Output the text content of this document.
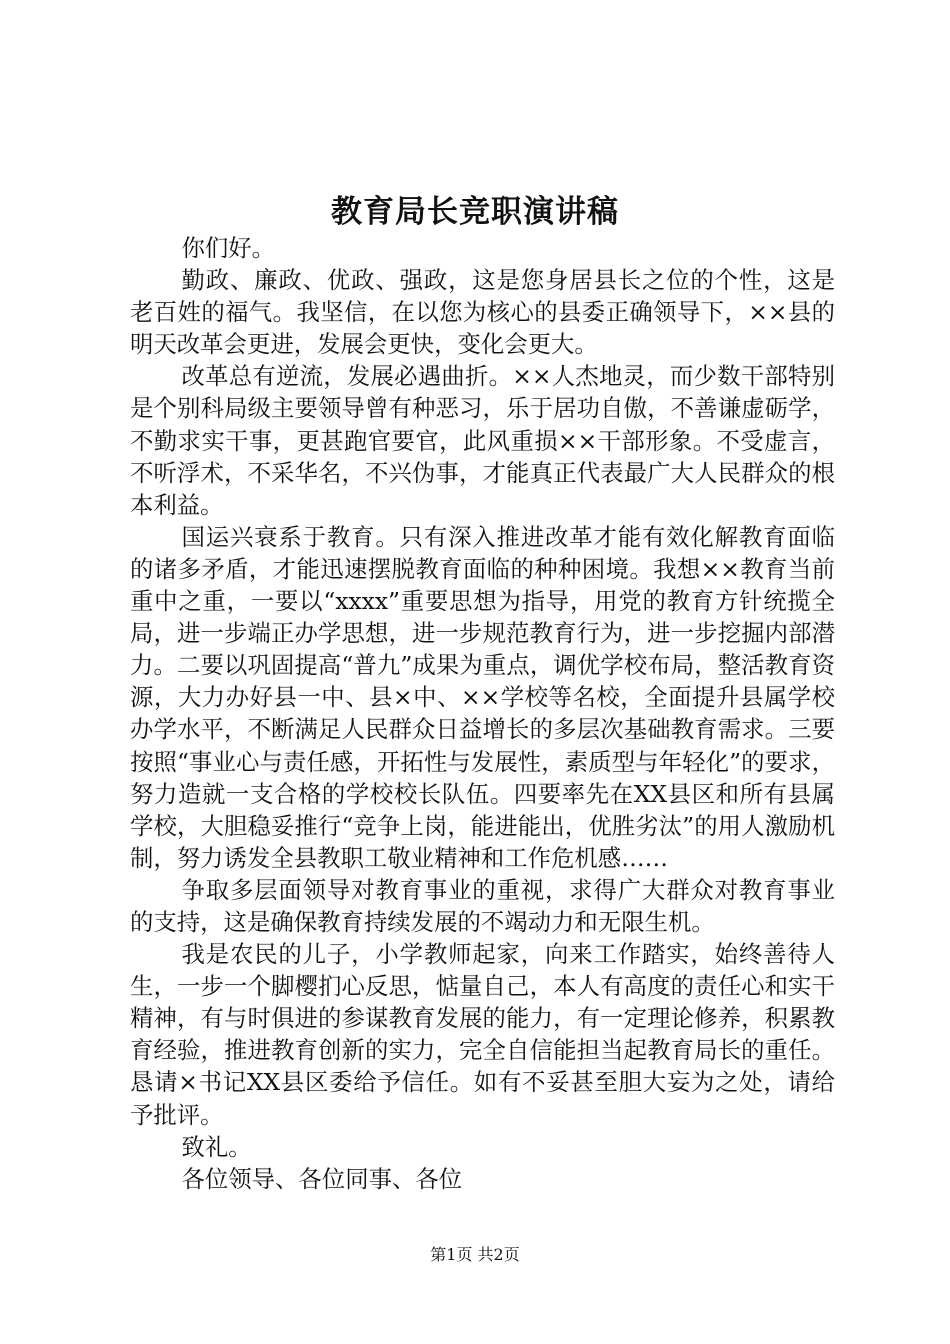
教育局长竞职演讲稿

你们好。

勤政、廉政、优政、强政，这是您身居县长之位的个性，这是老百姓的福气。我坚信，在以您为核心的县委正确领导下，××县的明天改革会更进，发展会更快，变化会更大。

改革总有逆流，发展必遇曲折。××人杰地灵，而少数干部特别是个别科局级主要领导曾有种恶习，乐于居功自傲，不善谦虚砺学，不勤求实干事，更甚跑官要官，此风重损××干部形象。不受虚言，不听浮术，不采华名，不兴伪事，才能真正代表最广大人民群众的根本利益。

国运兴衰系于教育。只有深入推进改革才能有效化解教育面临的诸多矛盾，才能迅速摆脱教育面临的种种困境。我想××教育当前重中之重，一要以“xxxx”重要思想为指导，用党的教育方针统揽全局，进一步端正办学思想，进一步规范教育行为，进一步挖掘内部潜力。二要以巩固提高“普九”成果为重点，调优学校布局，整活教育资源，大力办好县一中、县×中、××学校等名校，全面提升县属学校办学水平，不断满足人民群众日益增长的多层次基础教育需求。三要按照“事业心与责任感，开拓性与发展性，素质型与年轻化”的要求，努力造就一支合格的学校校长队伍。四要率先在XX县区和所有县属学校，大胆稳妥推行“竞争上岗，能进能出，优胜劣汰”的用人激励机制，努力诱发全县教职工敬业精神和工作危机感……

争取多层面领导对教育事业的重视，求得广大群众对教育事业的支持，这是确保教育持续发展的不竭动力和无限生机。

我是农民的儿子，小学教师起家，向来工作踏实，始终善待人生，一步一个脚樱扪心反思，惦量自己，本人有高度的责任心和实干精神，有与时俱进的参谋教育发展的能力，有一定理论修养，积累教育经验，推进教育创新的实力，完全自信能担当起教育局长的重任。恳请×书记XX县区委给予信任。如有不妥甚至胆大妄为之处，请给予批评。

致礼。

各位领导、各位同事、各位

第1页 共2页
